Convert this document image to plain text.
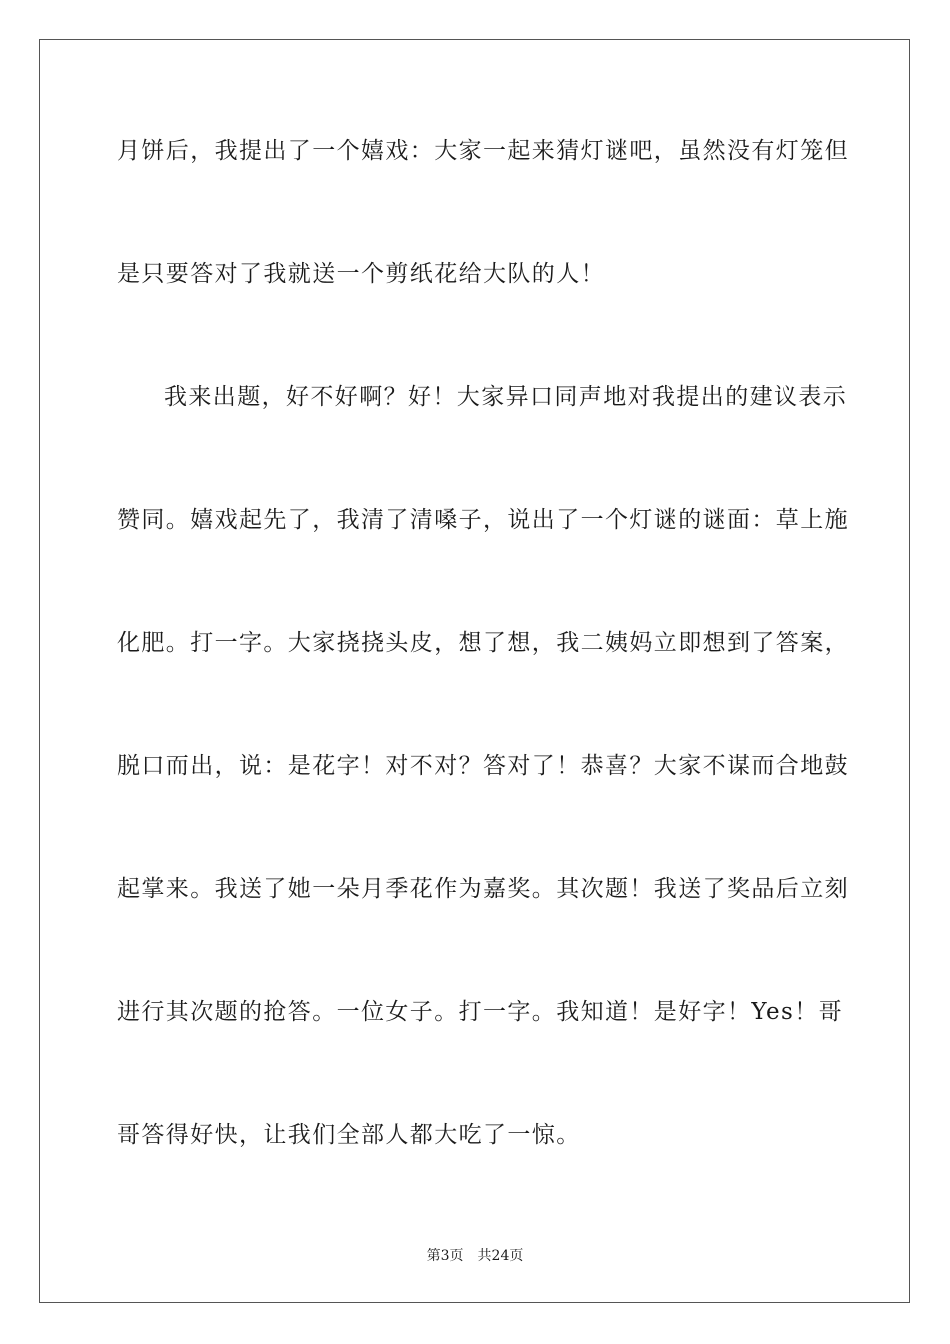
月饼后，我提出了一个嬉戏：大家一起来猜灯谜吧，虽然没有灯笼但
是只要答对了我就送一个剪纸花给大队的人！
我来出题，好不好啊？好！大家异口同声地对我提出的建议表示
赞同。嬉戏起先了，我清了清嗓子，说出了一个灯谜的谜面：草上施
化肥。打一字。大家挠挠头皮，想了想，我二姨妈立即想到了答案，
脱口而出，说：是花字！对不对？答对了！恭喜？大家不谋而合地鼓
起掌来。我送了她一朵月季花作为嘉奖。其次题！我送了奖品后立刻
进行其次题的抢答。一位女子。打一字。我知道！是好字！Yes！哥
哥答得好快，让我们全部人都大吃了一惊。
第3页 共24页
